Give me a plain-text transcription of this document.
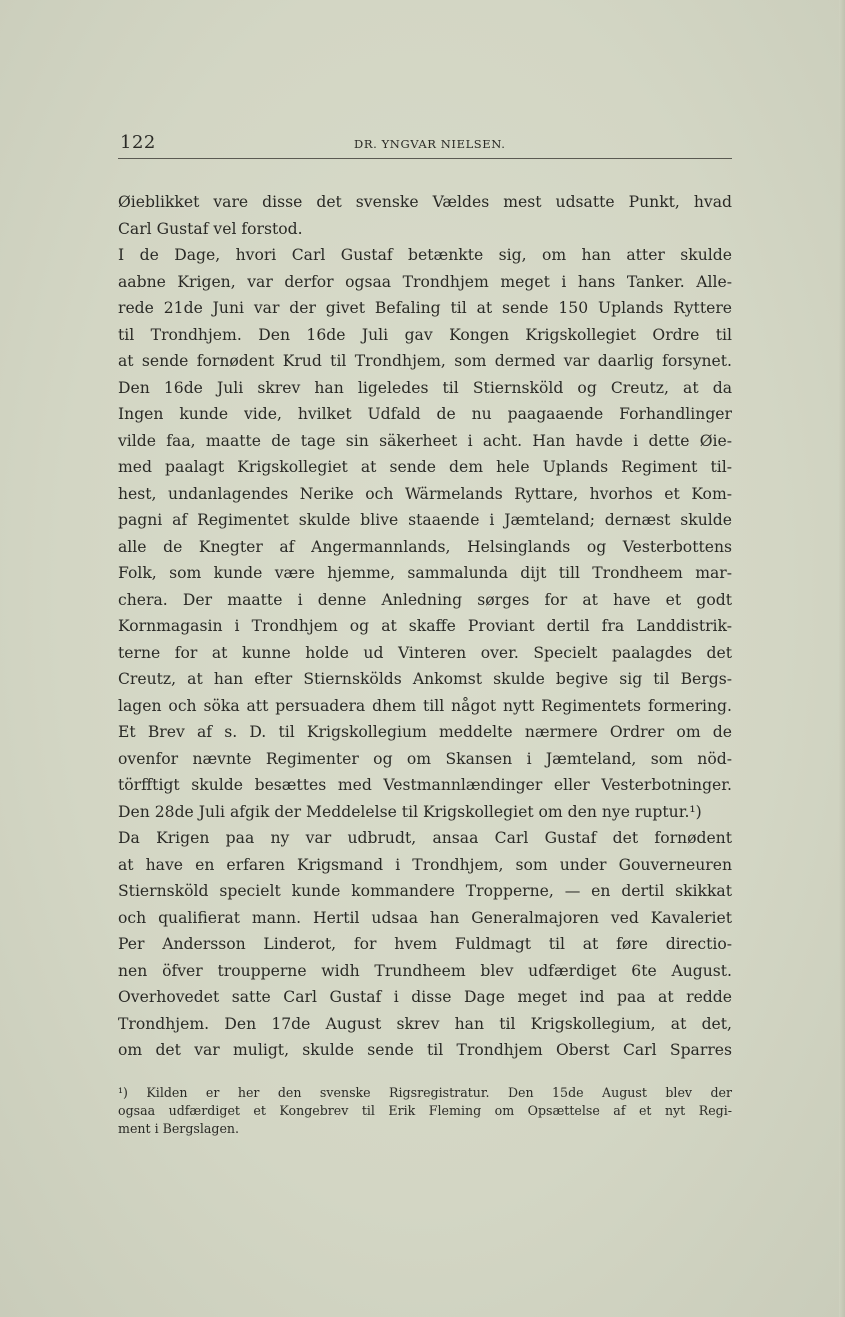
122	DR. YNGVAR NIELSEN.
Øieblikket vare disse det svenske Vældes mest udsatte Punkt, hvad
Carl Gustaf vel forstod.
I de Dage, hvori Carl Gustaf betænkte sig, om han atter skulde
aabne Krigen, var derfor ogsaa Trondhjem meget i hans Tanker. Alle-
rede 21de Juni var der givet Befaling til at sende 150 Uplands Ryttere
til Trondhjem. Den 16de Juli gav Kongen Krigskollegiet Ordre til
at sende fornødent Krud til Trondhjem, som dermed var daarlig forsynet.
Den 16de Juli skrev han ligeledes til Stiernsköld og Creutz, at da
Ingen kunde vide, hvilket Udfald de nu paagaaende Forhandlinger
vilde faa, maatte de tage sin säkerheet i acht. Han havde i dette Øie-
med paalagt Krigskollegiet at sende dem hele Uplands Regiment til-
hest, undanlagendes Nerike och Wärmelands Ryttare, hvorhos et Kom-
pagni af Regimentet skulde blive staaende i Jæmteland; dernæst skulde
alle de Knegter af Angermannlands, Helsinglands og Vesterbottens
Folk, som kunde være hjemme, sammalunda dijt till Trondheem mar-
chera. Der maatte i denne Anledning sørges for at have et godt
Kornmagasin i Trondhjem og at skaffe Proviant dertil fra Landdistrik-
terne for at kunne holde ud Vinteren over. Specielt paalagdes det
Creutz, at han efter Stiernskölds Ankomst skulde begive sig til Bergs-
lagen och söka att persuadera dhem till något nytt Regimentets formering.
Et Brev af s. D. til Krigskollegium meddelte nærmere Ordrer om de
ovenfor nævnte Regimenter og om Skansen i Jæmteland, som nöd-
törfftigt skulde besættes med Vestmannlændinger eller Vesterbotninger.
Den 28de Juli afgik der Meddelelse til Krigskollegiet om den nye ruptur.¹)
Da Krigen paa ny var udbrudt, ansaa Carl Gustaf det fornødent
at have en erfaren Krigsmand i Trondhjem, som under Gouverneuren
Stiernsköld specielt kunde kommandere Tropperne, — en dertil skikkat
och qualifierat mann. Hertil udsaa han Generalmajoren ved Kavaleriet
Per Andersson Linderot, for hvem Fuldmagt til at føre directio-
nen öfver troupperne widh Trundheem blev udfærdiget 6te August.
Overhovedet satte Carl Gustaf i disse Dage meget ind paa at redde
Trondhjem. Den 17de August skrev han til Krigskollegium, at det,
om det var muligt, skulde sende til Trondhjem Oberst Carl Sparres
¹) Kilden er her den svenske Rigsregistratur. Den 15de August blev der
ogsaa udfærdiget et Kongebrev til Erik Fleming om Opsættelse af et nyt Regi-
ment i Bergslagen.
